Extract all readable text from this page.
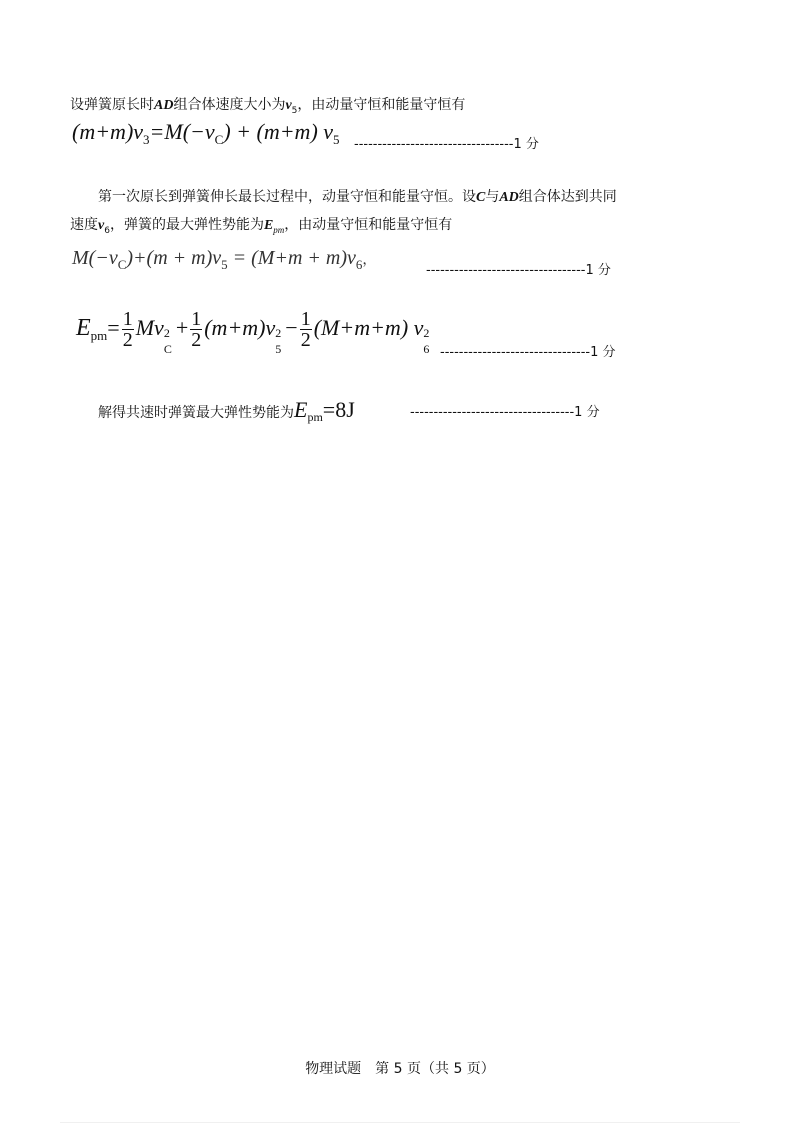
设弹簧原长时AD组合体速度大小为$v_5$，由动量守恒和能量守恒有
$(m+m)v_3=M(-v_C) + (m+m)$ $v_5$ ----------------------------------1 分
第一次原长到弹簧伸长最长过程中，动量守恒和能量守恒。设C与AD组合体达到共同
速度$v_6$，弹簧的最大弹性势能为$E_{pm}$，由动量守恒和能量守恒有
$M(-v_C)+(m + m)v_5 = (M+m + m)v_6$，
----------------------------------1 分
$E_{pm}= \frac{1}{2}$ Mv 2
C
+ $\frac{1}{2} (m+m)v$ 2
5
− $\frac{1}{2} (M+m+m)$ v 2
6 --------------------------------1 分
解得共速时弹簧最大弹性势能为Epm=8J	-----------------------------------1 分
物理试题　第 5 页（共 5 页）
